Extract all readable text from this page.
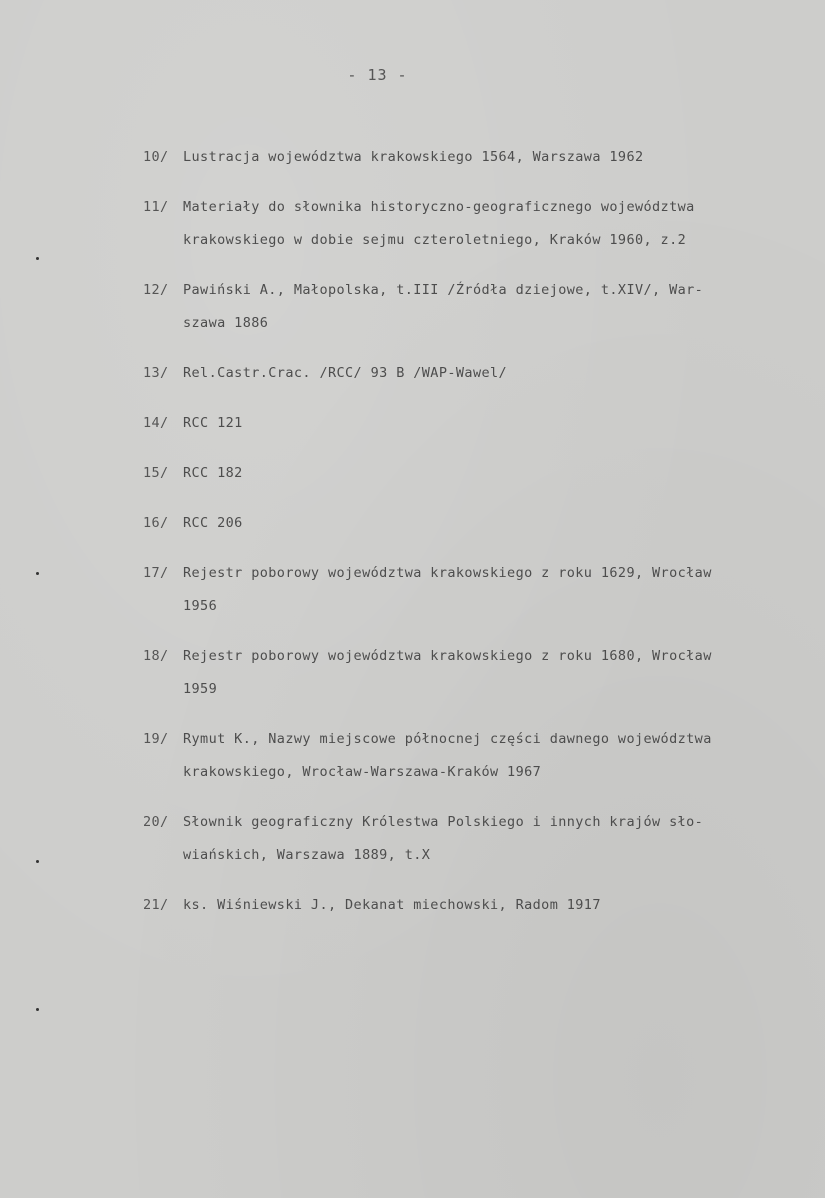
- 13 -
10/	Lustracja województwa krakowskiego 1564, Warszawa 1962
11/	Materiały do słownika historyczno-geograficznego województwa
krakowskiego w dobie sejmu czteroletniego, Kraków 1960, z.2
12/	Pawiński A., Małopolska, t.III /Źródła dziejowe, t.XIV/, War-
szawa 1886
13/	Rel.Castr.Crac. /RCC/ 93 B /WAP-Wawel/
14/	RCC 121
15/	RCC 182
16/	RCC 206
17/	Rejestr poborowy województwa krakowskiego z roku 1629, Wrocław
1956
18/	Rejestr poborowy województwa krakowskiego z roku 1680, Wrocław
1959
19/	Rymut K., Nazwy miejscowe północnej części dawnego województwa
krakowskiego, Wrocław-Warszawa-Kraków 1967
20/	Słownik geograficzny Królestwa Polskiego i innych krajów sło-
wiańskich, Warszawa 1889, t.X
21/	ks. Wiśniewski J., Dekanat miechowski, Radom 1917
